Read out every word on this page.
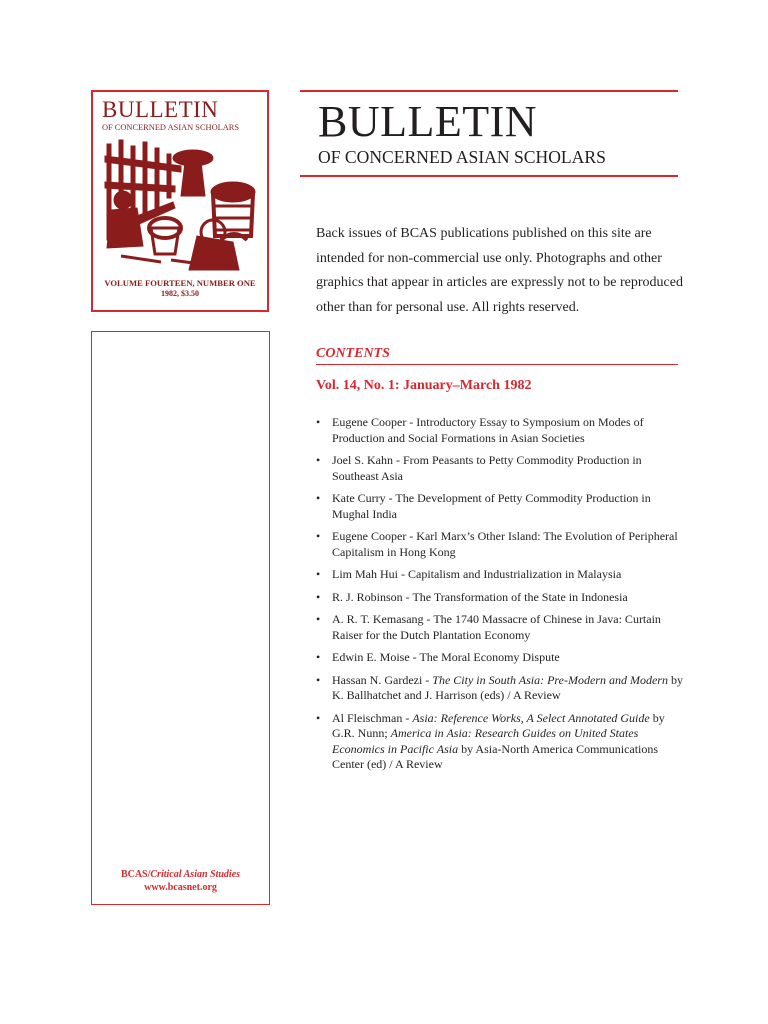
BULLETIN
OF CONCERNED ASIAN SCHOLARS
VOLUME FOURTEEN, NUMBER ONE
1982, $3.50
BCAS/Critical Asian Studies
www.bcasnet.org
BULLETIN
OF CONCERNED ASIAN SCHOLARS
Back issues of BCAS publications published on this site are intended for non-commercial use only. Photographs and other graphics that appear in articles are expressly not to be reproduced other than for personal use. All rights reserved.
CONTENTS
Vol. 14, No. 1: January–March 1982
• Eugene Cooper - Introductory Essay to Symposium on Modes of Production and Social Formations in Asian Societies
• Joel S. Kahn - From Peasants to Petty Commodity Production in Southeast Asia
• Kate Curry - The Development of Petty Commodity Production in Mughal India
• Eugene Cooper - Karl Marx’s Other Island: The Evolution of Peripheral Capitalism in Hong Kong
• Lim Mah Hui - Capitalism and Industrialization in Malaysia
• R. J. Robinson - The Transformation of the State in Indonesia
• A. R. T. Kemasang - The 1740 Massacre of Chinese in Java: Curtain Raiser for the Dutch Plantation Economy
• Edwin E. Moise - The Moral Economy Dispute
• Hassan N. Gardezi - The City in South Asia: Pre-Modern and Modern by K. Ballhatchet and J. Harrison (eds) / A Review
• Al Fleischman - Asia: Reference Works, A Select Annotated Guide by G.R. Nunn; America in Asia: Research Guides on United States Economics in Pacific Asia by Asia-North America Communications Center (ed) / A Review
